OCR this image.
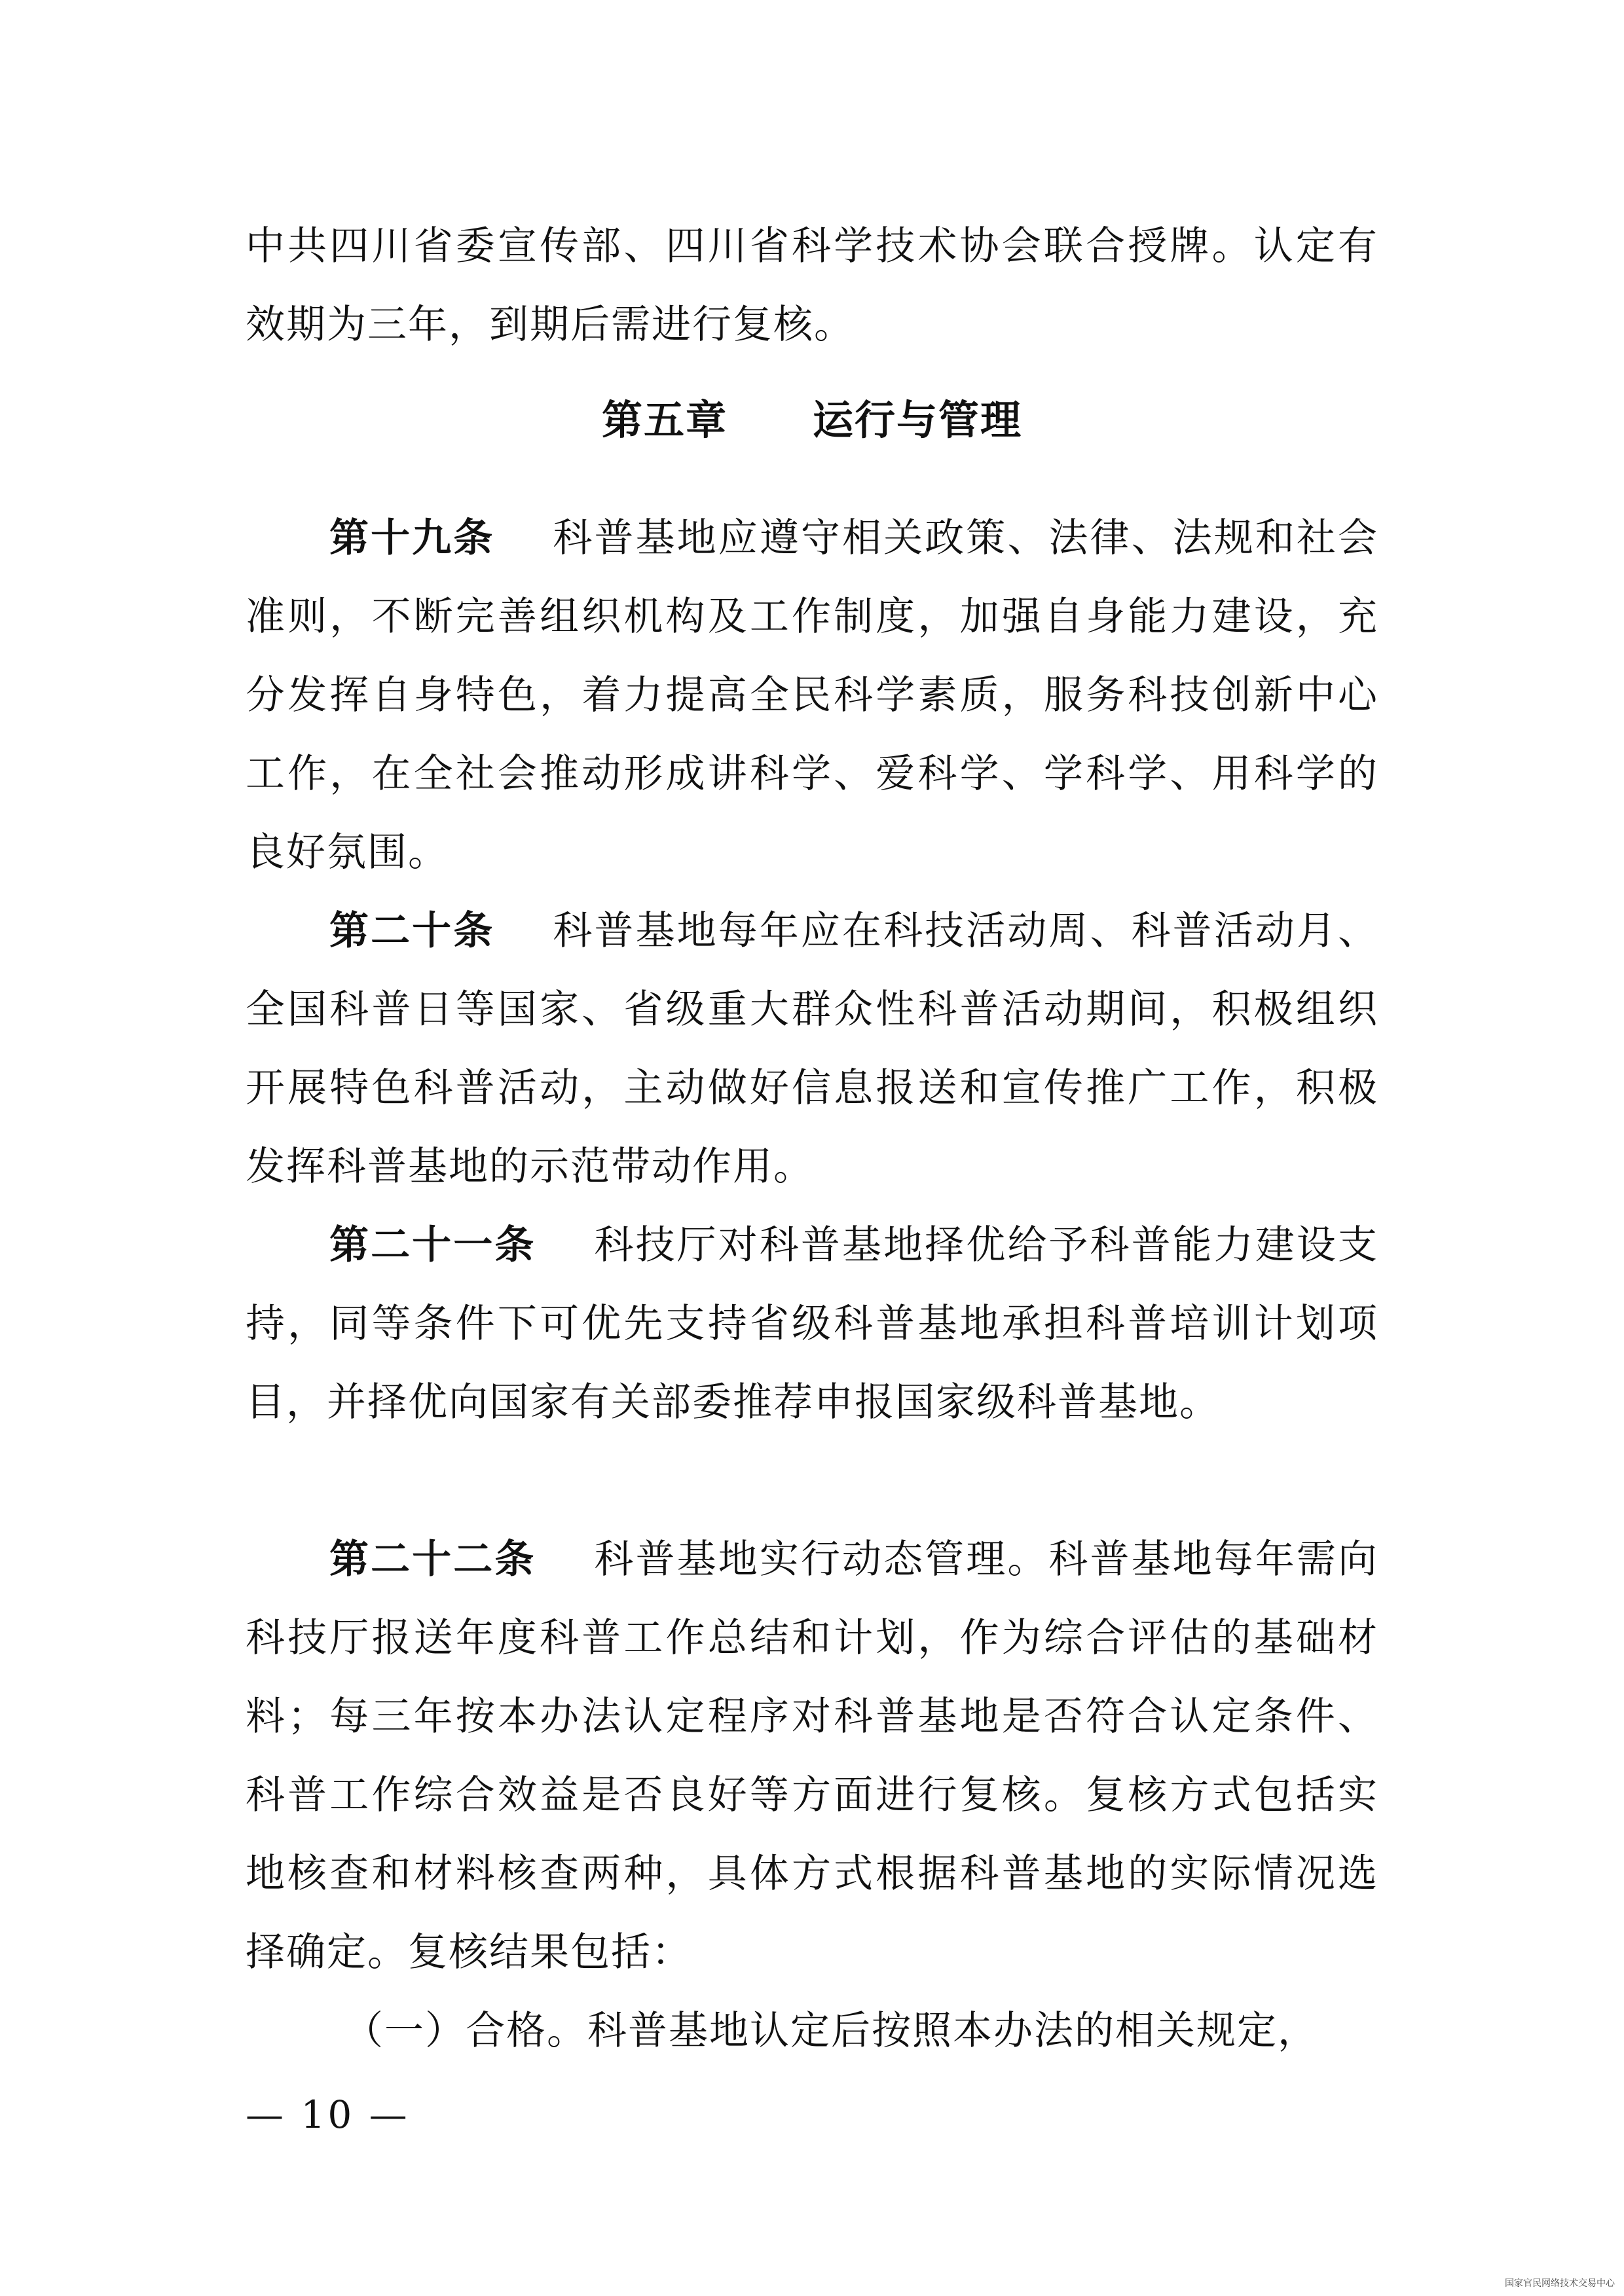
中共四川省委宣传部、四川省科学技术协会联合授牌。认定有效期为三年，到期后需进行复核。

第五章 运行与管理

第十九条 科普基地应遵守相关政策、法律、法规和社会准则，不断完善组织机构及工作制度，加强自身能力建设，充分发挥自身特色，着力提高全民科学素质，服务科技创新中心工作，在全社会推动形成讲科学、爱科学、学科学、用科学的良好氛围。

第二十条 科普基地每年应在科技活动周、科普活动月、全国科普日等国家、省级重大群众性科普活动期间，积极组织开展特色科普活动，主动做好信息报送和宣传推广工作，积极发挥科普基地的示范带动作用。

第二十一条 科技厅对科普基地择优给予科普能力建设支持，同等条件下可优先支持省级科普基地承担科普培训计划项目，并择优向国家有关部委推荐申报国家级科普基地。

第二十二条 科普基地实行动态管理。科普基地每年需向科技厅报送年度科普工作总结和计划，作为综合评估的基础材料；每三年按本办法认定程序对科普基地是否符合认定条件、科普工作综合效益是否良好等方面进行复核。复核方式包括实地核查和材料核查两种，具体方式根据科普基地的实际情况选择确定。复核结果包括：

（一）合格。科普基地认定后按照本办法的相关规定，

— 10 —
国家官民网络技术交易中心
